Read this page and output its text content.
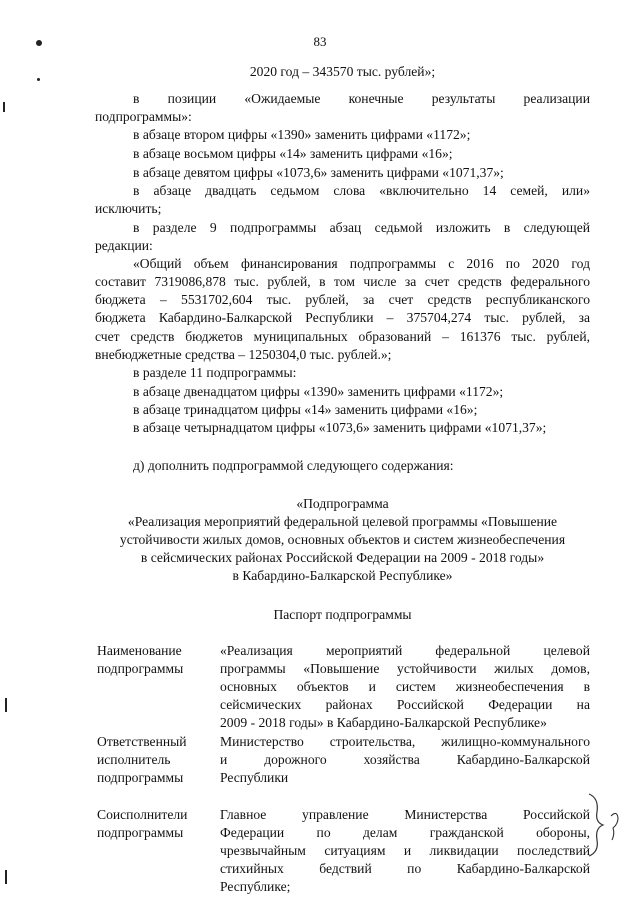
83
2020 год – 343570 тыс. рублей»;
в позиции «Ожидаемые конечные результаты реализации
подпрограммы»:
в абзаце втором цифры «1390» заменить цифрами «1172»;
в абзаце восьмом цифры «14» заменить цифрами «16»;
в абзаце девятом цифры «1073,6» заменить цифрами «1071,37»;
в абзаце двадцать седьмом слова «включительно 14 семей, или»
исключить;
в разделе 9 подпрограммы абзац седьмой изложить в следующей
редакции:
«Общий объем финансирования подпрограммы с 2016 по 2020 год
составит 7319086,878 тыс. рублей, в том числе за счет средств федерального
бюджета – 5531702,604 тыс. рублей, за счет средств республиканского
бюджета Кабардино-Балкарской Республики – 375704,274 тыс. рублей, за
счет средств бюджетов муниципальных образований – 161376 тыс. рублей,
внебюджетные средства – 1250304,0 тыс. рублей.»;
в разделе 11 подпрограммы:
в абзаце двенадцатом цифры «1390» заменить цифрами «1172»;
в абзаце тринадцатом цифры «14» заменить цифрами «16»;
в абзаце четырнадцатом цифры «1073,6» заменить цифрами «1071,37»;
д) дополнить подпрограммой следующего содержания:
«Подпрограмма
«Реализация мероприятий федеральной целевой программы «Повышение
устойчивости жилых домов, основных объектов и систем жизнеобеспечения
в сейсмических районах Российской Федерации на 2009 - 2018 годы»
в Кабардино-Балкарской Республике»
Паспорт подпрограммы
Наименование
подпрограммы
«Реализация мероприятий федеральной целевой
программы «Повышение устойчивости жилых домов,
основных объектов и систем жизнеобеспечения в
сейсмических районах Российской Федерации на
2009 - 2018 годы» в Кабардино-Балкарской Республике»
Ответственный
исполнитель
подпрограммы
Министерство строительства, жилищно-коммунального
и дорожного хозяйства Кабардино-Балкарской
Республики
Соисполнители
подпрограммы
Главное управление Министерства Российской
Федерации по делам гражданской обороны,
чрезвычайным ситуациям и ликвидации последствий
стихийных бедствий по Кабардино-Балкарской
Республике;
